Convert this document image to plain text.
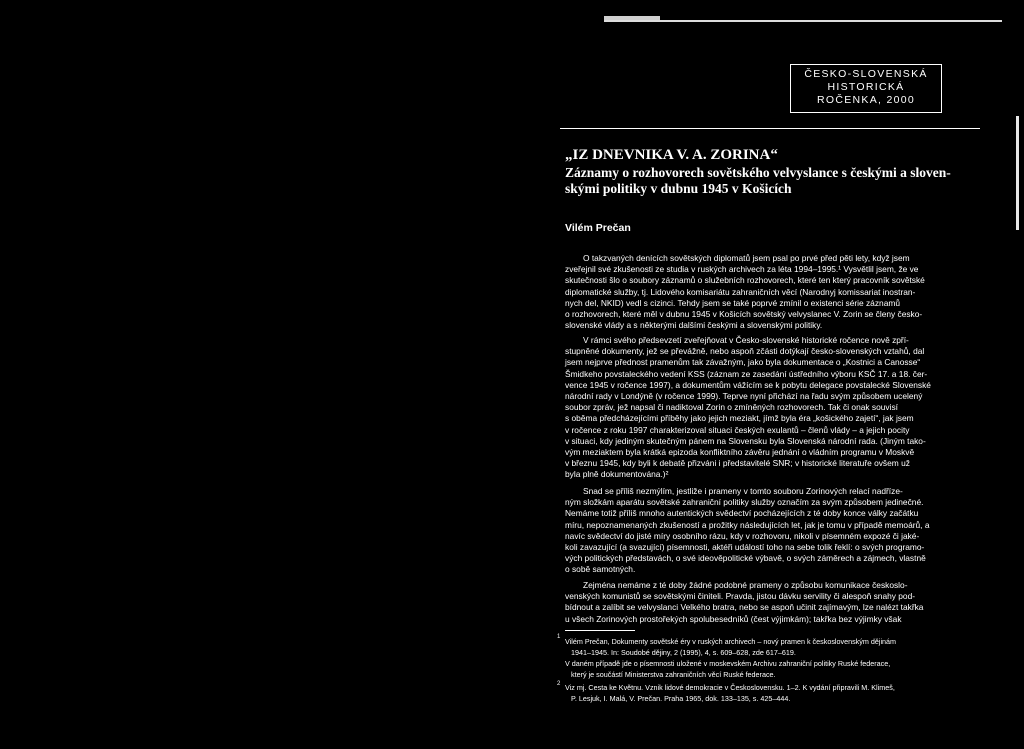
ČESKO-SLOVENSKÁ
HISTORICKÁ
ROČENKA, 2000
„IZ DNEVNIKA V. A. ZORINA“
Záznamy o rozhovorech sovětského velvyslance s českými a sloven-
skými politiky v dubnu 1945 v Košicích
Vilém Prečan
O takzvaných denících sovětských diplomatů jsem psal po prvé před pěti lety, když jsem
zveřejnil své zkušenosti ze studia v ruských archivech za léta 1994–1995.¹ Vysvětlil jsem, že ve
skutečnosti šlo o soubory záznamů o služebních rozhovorech, které ten který pracovník sovětské
diplomatické služby, tj. Lidového komisariátu zahraničních věcí (Narodnyj komissariat inostran-
nych del, NKID) vedl s cizinci. Tehdy jsem se také poprvé zmínil o existenci série záznamů
o rozhovorech, které měl v dubnu 1945 v Košicích sovětský velvyslanec V. Zorin se členy česko-
slovenské vlády a s některými dalšími českými a slovenskými politiky.
V rámci svého předsevzetí zveřejňovat v Česko-slovenské historické ročence nově zpří-
stupněné dokumenty, jež se převážně, nebo aspoň zčásti dotýkají česko-slovenských vztahů, dal
jsem nejprve přednost pramenům tak závažným, jako byla dokumentace o „Kostnici a Canosse“
Šmidkeho povstaleckého vedení KSS (záznam ze zasedání ústředního výboru KSČ 17. a 18. čer-
vence 1945 v ročence 1997), a dokumentům vážícím se k pobytu delegace povstalecké Slovenské
národní rady v Londýně (v ročence 1999). Teprve nyní přichází na řadu svým způsobem ucelený
soubor zpráv, jež napsal či nadiktoval Zorin o zmíněných rozhovorech. Tak či onak souvisí
s oběma předcházejícími příběhy jako jejich meziakt, jímž byla éra „košického zajetí“, jak jsem
v ročence z roku 1997 charakterizoval situaci českých exulantů – členů vlády – a jejich pocity
v situaci, kdy jediným skutečným pánem na Slovensku byla Slovenská národní rada. (Jiným tako-
vým meziaktem byla krátká epizoda konfliktního závěru jednání o vládním programu v Moskvě
v březnu 1945, kdy byli k debatě přizváni i představitelé SNR; v historické literatuře ovšem už
byla plně dokumentována.)²
Snad se příliš nezmýlím, jestliže i prameny v tomto souboru Zorinových relací nadříze-
ným složkám aparátu sovětské zahraniční politiky služby označím za svým způsobem jedinečné.
Nemáme totiž příliš mnoho autentických svědectví pocházejících z té doby konce války začátku
míru, nepoznamenaných zkušeností a prožitky následujících let, jak je tomu v případě memoárů, a
navíc svědectví do jisté míry osobního rázu, kdy v rozhovoru, nikoli v písemném expozé či jaké-
koli zavazující (a svazující) písemnosti, aktéři událostí toho na sebe tolik řeklí: o svých programo-
vých politických představách, o své ideověpolitické výbavě, o svých záměrech a zájmech, vlastně
o sobě samotných.
Zejména nemáme z té doby žádné podobné prameny o způsobu komunikace českoslo-
venských komunistů se sovětskými činiteli. Pravda, jistou dávku servility či alespoň snahy pod-
bídnout a zalíbit se velvyslanci Velkého bratra, nebo se aspoň učinit zajímavým, lze nalézt takřka
u všech Zorinových prostořekých spolubesedníků (čest výjimkám); takřka bez výjimky však
1 Vilém Prečan, Dokumenty sovětské éry v ruských archivech – nový pramen k československým dějinám
1941–1945. In: Soudobé dějiny, 2 (1995), 4, s. 609–628, zde 617–619.
V daném případě jde o písemnosti uložené v moskevském Archivu zahraniční politiky Ruské federace,
který je součástí Ministerstva zahraničních věcí Ruské federace.
2 Viz mj. Cesta ke Květnu. Vznik lidové demokracie v Československu. 1–2. K vydání připravili M. Klimeš,
P. Lesjuk, I. Malá, V. Prečan. Praha 1965, dok. 133–135, s. 425–444.
